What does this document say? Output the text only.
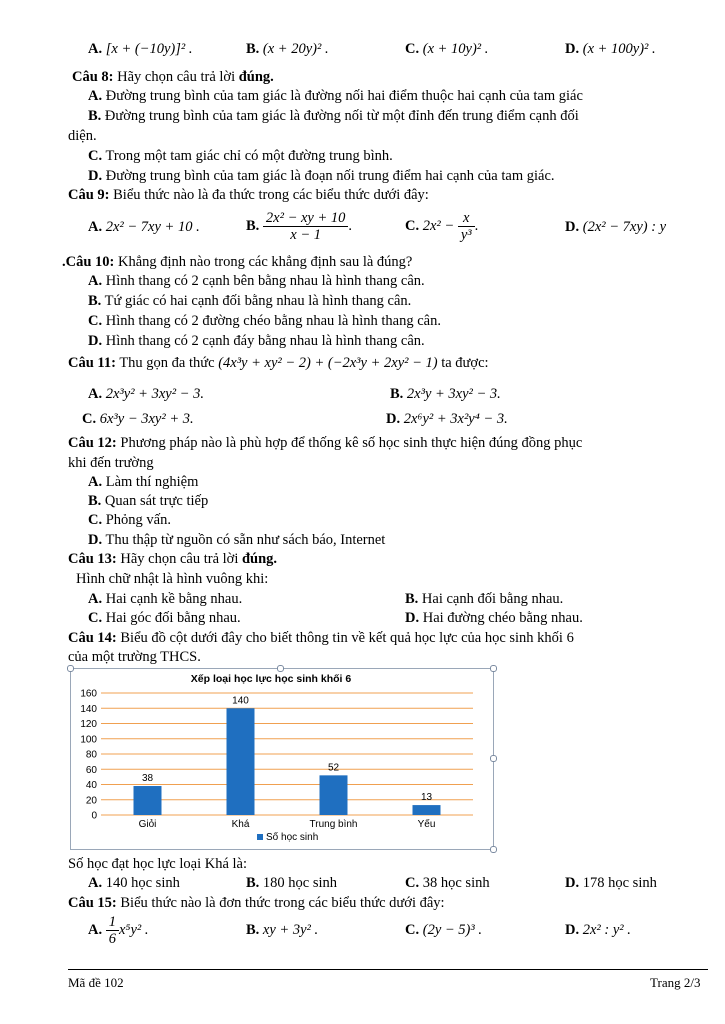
A. [x + (−10y)]² .	B. (x + 20y)² .	C. (x + 10y)² .	D. (x + 100y)² .
Câu 8: Hãy chọn câu trả lời đúng.
A. Đường trung bình của tam giác là đường nối hai điểm thuộc hai cạnh của tam giác
B. Đường trung bình của tam giác là đường nối từ một đỉnh đến trung điểm cạnh đối
diện.
C. Trong một tam giác chỉ có một đường trung bình.
D. Đường trung bình của tam giác là đoạn nối trung điểm hai cạnh của tam giác.
Câu 9: Biểu thức nào là đa thức trong các biểu thức dưới đây:
A. 2x² − 7xy + 10 .	B. $\frac{\text{2x² − xy + 10}}{x - 1}$ .	C. $2x^2 - \frac{x}{\text{y³}}$ .	D. (2x² − 7xy) : y
.Câu 10: Khẳng định nào trong các khẳng định sau là đúng?
A. Hình thang có 2 cạnh bên bằng nhau là hình thang cân.
B. Tứ giác có hai cạnh đối bằng nhau là hình thang cân.
C. Hình thang có 2 đường chéo bằng nhau là hình thang cân.
D. Hình thang có 2 cạnh đáy bằng nhau là hình thang cân.
Câu 11: Thu gọn đa thức (4x³y + xy² − 2) + (−2x³y + 2xy² − 1) ta được:
A. 2x³y² + 3xy² − 3.	B. 2x³y + 3xy² − 3.
C. 6x³y − 3xy² + 3.	D. 2x⁶y² + 3x²y⁴ − 3.
Câu 12: Phương pháp nào là phù hợp để thống kê số học sinh thực hiện đúng đồng phục
khi đến trường
A. Làm thí nghiệm
B. Quan sát trực tiếp
C. Phỏng vấn.
D. Thu thập từ nguồn có sẵn như sách báo, Internet
Câu 13: Hãy chọn câu trả lời đúng.
Hình chữ nhật là hình vuông khi:
A. Hai cạnh kề bằng nhau.	B. Hai cạnh đối bằng nhau.
C. Hai góc đối bằng nhau.	D. Hai đường chéo bằng nhau.
Câu 14: Biểu đồ cột dưới đây cho biết thông tin về kết quả học lực của học sinh khối 6
của một trường THCS.
Xếp loại học lực học sinh khối 6
0
20
40
60
80
100
120
140
160
38
140
52
13
Giỏi	Khá	Trung bình	Yếu
Số học sinh
Số học đạt học lực loại Khá là:
A. 140 học sinh	B. 180 học sinh	C. 38 học sinh	D. 178 học sinh
Câu 15: Biểu thức nào là đơn thức trong các biểu thức dưới đây:
A. $\frac{1}{6} x^5y^2$ .	B. xy + 3y² .	C. (2y − 5)³ .	D. 2x² : y² .
Mã đề 102	Trang 2/3
